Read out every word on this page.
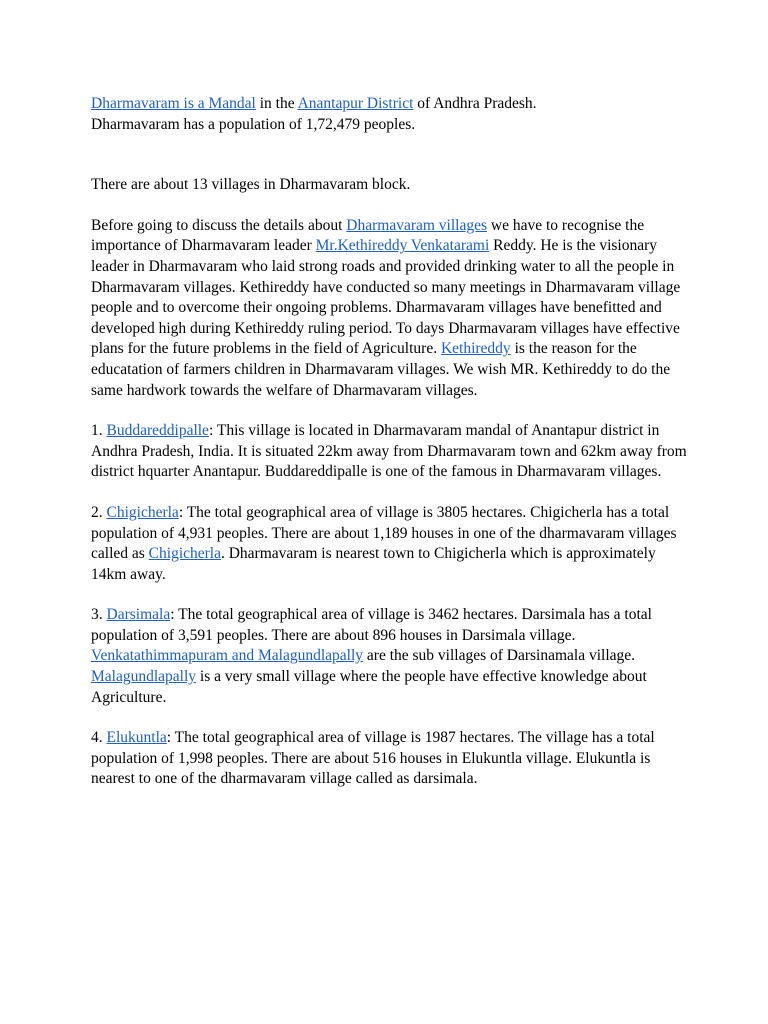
Dharmavaram is a Mandal in the Anantapur District of Andhra Pradesh.
Dharmavaram has a population of 1,72,479 peoples.

There are about 13 villages in Dharmavaram block.

Before going to discuss the details about Dharmavaram villages we have to recognise the importance of Dharmavaram leader Mr.Kethireddy Venkatarami Reddy. He is the visionary leader in Dharmavaram who laid strong roads and provided drinking water to all the people in Dharmavaram villages. Kethireddy have conducted so many meetings in Dharmavaram village people and to overcome their ongoing problems. Dharmavaram villages have benefitted and developed high during Kethireddy ruling period. To days Dharmavaram villages have effective plans for the future problems in the field of Agriculture. Kethireddy is the reason for the educatation of farmers children in Dharmavaram villages. We wish MR. Kethireddy to do the same hardwork towards the welfare of Dharmavaram villages.

1. Buddareddipalle: This village is located in Dharmavaram mandal of Anantapur district in Andhra Pradesh, India. It is situated 22km away from Dharmavaram town and 62km away from district hquarter Anantapur. Buddareddipalle is one of the famous in Dharmavaram villages.

2. Chigicherla: The total geographical area of village is 3805 hectares. Chigicherla has a total population of 4,931 peoples. There are about 1,189 houses in one of the dharmavaram villages called as Chigicherla. Dharmavaram is nearest town to Chigicherla which is approximately 14km away.

3. Darsimala: The total geographical area of village is 3462 hectares. Darsimala has a total population of 3,591 peoples. There are about 896 houses in Darsimala village. Venkatathimmapuram and Malagundlapally are the sub villages of Darsinamala village. Malagundlapally is a very small village where the people have effective knowledge about Agriculture.

4. Elukuntla: The total geographical area of village is 1987 hectares. The village has a total population of 1,998 peoples. There are about 516 houses in Elukuntla village. Elukuntla is nearest to one of the dharmavaram village called as darsimala.
